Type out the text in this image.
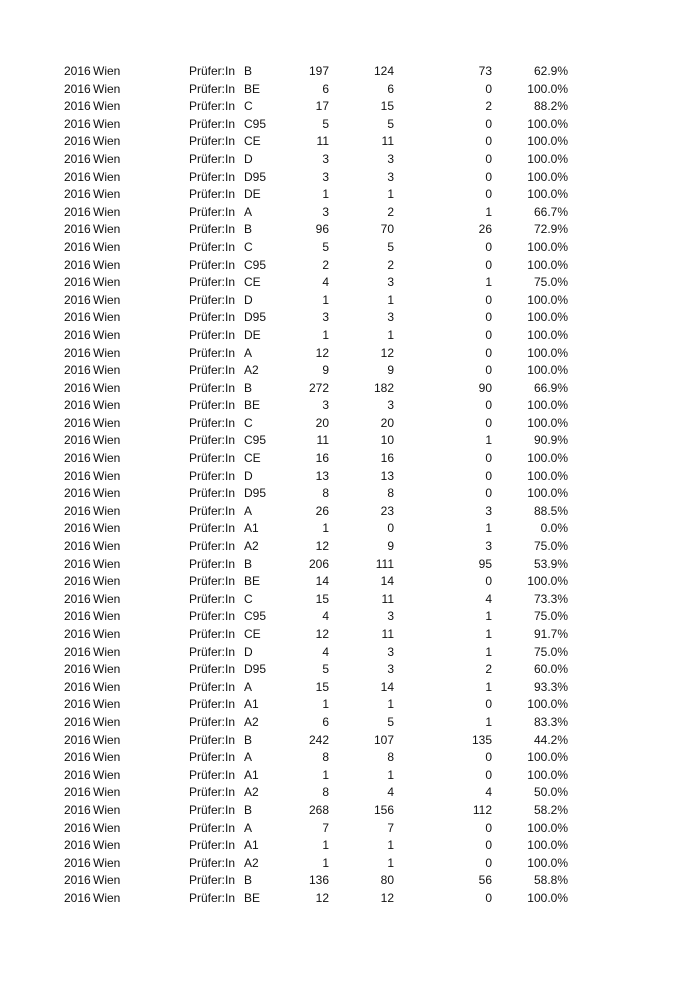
2016 Wien	Prüfer:In B	197	124	73	62.9%
2016 Wien	Prüfer:In BE	6	6	0	100.0%
2016 Wien	Prüfer:In C	17	15	2	88.2%
2016 Wien	Prüfer:In C95	5	5	0	100.0%
2016 Wien	Prüfer:In CE	11	11	0	100.0%
2016 Wien	Prüfer:In D	3	3	0	100.0%
2016 Wien	Prüfer:In D95	3	3	0	100.0%
2016 Wien	Prüfer:In DE	1	1	0	100.0%
2016 Wien	Prüfer:In A	3	2	1	66.7%
2016 Wien	Prüfer:In B	96	70	26	72.9%
2016 Wien	Prüfer:In C	5	5	0	100.0%
2016 Wien	Prüfer:In C95	2	2	0	100.0%
2016 Wien	Prüfer:In CE	4	3	1	75.0%
2016 Wien	Prüfer:In D	1	1	0	100.0%
2016 Wien	Prüfer:In D95	3	3	0	100.0%
2016 Wien	Prüfer:In DE	1	1	0	100.0%
2016 Wien	Prüfer:In A	12	12	0	100.0%
2016 Wien	Prüfer:In A2	9	9	0	100.0%
2016 Wien	Prüfer:In B	272	182	90	66.9%
2016 Wien	Prüfer:In BE	3	3	0	100.0%
2016 Wien	Prüfer:In C	20	20	0	100.0%
2016 Wien	Prüfer:In C95	11	10	1	90.9%
2016 Wien	Prüfer:In CE	16	16	0	100.0%
2016 Wien	Prüfer:In D	13	13	0	100.0%
2016 Wien	Prüfer:In D95	8	8	0	100.0%
2016 Wien	Prüfer:In A	26	23	3	88.5%
2016 Wien	Prüfer:In A1	1	0	1	0.0%
2016 Wien	Prüfer:In A2	12	9	3	75.0%
2016 Wien	Prüfer:In B	206	111	95	53.9%
2016 Wien	Prüfer:In BE	14	14	0	100.0%
2016 Wien	Prüfer:In C	15	11	4	73.3%
2016 Wien	Prüfer:In C95	4	3	1	75.0%
2016 Wien	Prüfer:In CE	12	11	1	91.7%
2016 Wien	Prüfer:In D	4	3	1	75.0%
2016 Wien	Prüfer:In D95	5	3	2	60.0%
2016 Wien	Prüfer:In A	15	14	1	93.3%
2016 Wien	Prüfer:In A1	1	1	0	100.0%
2016 Wien	Prüfer:In A2	6	5	1	83.3%
2016 Wien	Prüfer:In B	242	107	135	44.2%
2016 Wien	Prüfer:In A	8	8	0	100.0%
2016 Wien	Prüfer:In A1	1	1	0	100.0%
2016 Wien	Prüfer:In A2	8	4	4	50.0%
2016 Wien	Prüfer:In B	268	156	112	58.2%
2016 Wien	Prüfer:In A	7	7	0	100.0%
2016 Wien	Prüfer:In A1	1	1	0	100.0%
2016 Wien	Prüfer:In A2	1	1	0	100.0%
2016 Wien	Prüfer:In B	136	80	56	58.8%
2016 Wien	Prüfer:In BE	12	12	0	100.0%
